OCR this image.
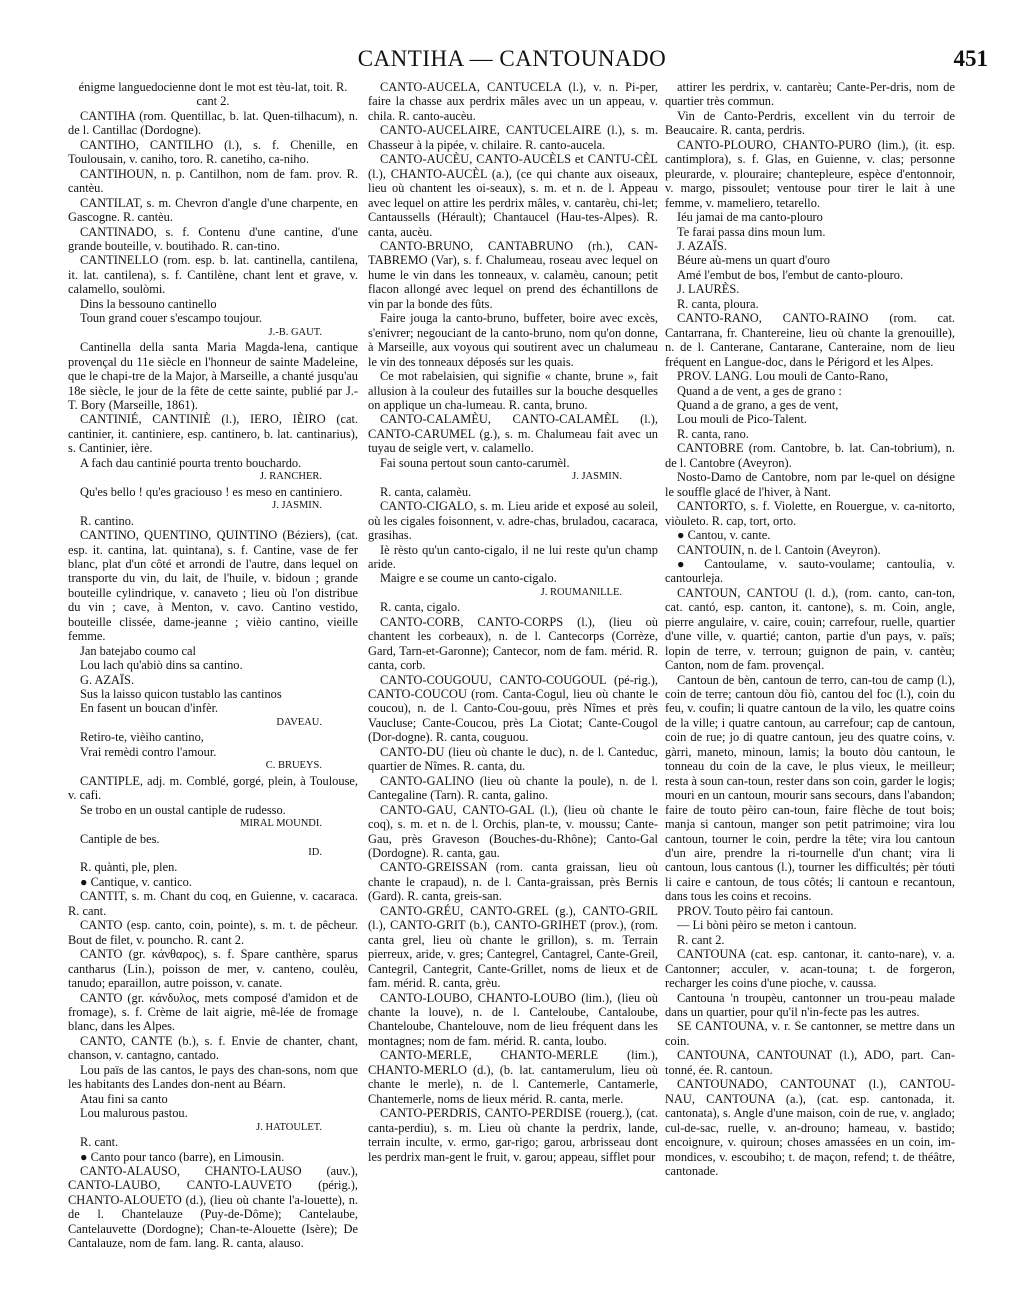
CANTIHA — CANTOUNADO	451

énigme languedocienne dont le mot est tèu-lat, toit. R. cant 2.

CANTIHA (rom. Quentillac, b. lat. Quen-tilhacum), n. de l. Cantillac (Dordogne).

CANTIHO, CANTILHO (l.), s. f. Chenille, en Toulousain, v. caniho, toro. R. canetiho, ca-niho.

CANTIHOUN, n. p. Cantilhon, nom de fam. prov. R. cantèu.

CANTILAT, s. m. Chevron d'angle d'une charpente, en Gascogne. R. cantèu.

CANTINADO, s. f. Contenu d'une cantine, d'une grande bouteille, v. boutihado. R. can-tino.

CANTINELLO (rom. esp. b. lat. cantinella, cantilena, it. lat. cantilena), s. f. Cantilène, chant lent et grave, v. calamello, soulòmi.

Dins la bessouno cantinello

Toun grand couer s'escampo toujour.

J.-B. GAUT.

Cantinella della santa Maria Magda-lena, cantique provençal du 11e siècle en l'honneur de sainte Madeleine, que le chapi-tre de la Major, à Marseille, a chanté jusqu'au 18e siècle, le jour de la fête de cette sainte, publié par J.-T. Bory (Marseille, 1861).

CANTINIÉ, CANTINIÈ (l.), IERO, IÈIRO (cat. cantinier, it. cantiniere, esp. cantinero, b. lat. cantinarius), s. Cantinier, ière.

A fach dau cantinié pourta trento bouchardo.

J. RANCHER.

Qu'es bello ! qu'es graciouso ! es meso en cantiniero.

J. JASMIN.

R. cantino.

CANTINO, QUENTINO, QUINTINO (Béziers), (cat. esp. it. cantina, lat. quintana), s. f. Cantine, vase de fer blanc, plat d'un côté et arrondi de l'autre, dans lequel on transporte du vin, du lait, de l'huile, v. bidoun ; grande bouteille cylindrique, v. canaveto ; lieu où l'on distribue du vin ; cave, à Menton, v. cavo. Cantino vestido, bouteille clissée, dame-jeanne ; vièio cantino, vieille femme.

Jan batejabo coumo cal

Lou lach qu'abiò dins sa cantino.

G. AZAÏS.

Sus la laisso quicon tustablo las cantinos

En fasent un boucan d'infèr.

DAVEAU.

Retiro-te, vièiho cantino,

Vrai remèdi contro l'amour.

C. BRUEYS.

CANTIPLE, adj. m. Comblé, gorgé, plein, à Toulouse, v. cafi.

Se trobo en un oustal cantiple de rudesso.

MIRAL MOUNDI.

Cantiple de bes.

ID.

R. quànti, ple, plen.

● Cantique, v. cantico.

CANTIT, s. m. Chant du coq, en Guienne, v. cacaraca. R. cant.

CANTO (esp. canto, coin, pointe), s. m. t. de pêcheur. Bout de filet, v. pouncho. R. cant 2.

CANTO (gr. κάνθαρος), s. f. Spare canthère, sparus cantharus (Lin.), poisson de mer, v. canteno, coulèu, tanudo; eparaillon, autre poisson, v. canate.

CANTO (gr. κάνδυλος, mets composé d'amidon et de fromage), s. f. Crème de lait aigrie, mê-lée de fromage blanc, dans les Alpes.

CANTO, CANTE (b.), s. f. Envie de chanter, chant, chanson, v. cantagno, cantado.

Lou païs de las cantos, le pays des chan-sons, nom que les habitants des Landes don-nent au Béarn.

Atau fini sa canto

Lou malurous pastou.

J. HATOULET.

R. cant.

● Canto pour tanco (barre), en Limousin.

CANTO-ALAUSO, CHANTO-LAUSO (auv.), CANTO-LAUBO, CANTO-LAUVETO (périg.), CHANTO-ALOUETO (d.), (lieu où chante l'a-louette), n. de l. Chantelauze (Puy-de-Dôme); Cantelaube, Cantelauvette (Dordogne); Chan-te-Alouette (Isère); De Cantalauze, nom de fam. lang. R. canta, alauso.

CANTO-AUCELA, CANTUCELA (l.), v. n. Pi-per, faire la chasse aux perdrix mâles avec un un appeau, v. chila. R. canto-aucèu.

CANTO-AUCELAIRE, CANTUCELAIRE (l.), s. m. Chasseur à la pipée, v. chilaire. R. canto-aucela.

CANTO-AUCÈU, CANTO-AUCÈLS et CANTU-CÈL (l.), CHANTO-AUCÈL (a.), (ce qui chante aux oiseaux, lieu où chantent les oi-seaux), s. m. et n. de l. Appeau avec lequel on attire les perdrix mâles, v. cantarèu, chi-let; Cantaussells (Hérault); Chantaucel (Hau-tes-Alpes). R. canta, aucèu.

CANTO-BRUNO, CANTABRUNO (rh.), CAN-TABREMO (Var), s. f. Chalumeau, roseau avec lequel on hume le vin dans les tonneaux, v. calamèu, canoun; petit flacon allongé avec lequel on prend des échantillons de vin par la bonde des fûts.

Faire jouga la canto-bruno, buffeter, boire avec excès, s'enivrer; negouciant de la canto-bruno, nom qu'on donne, à Marseille, aux voyous qui soutirent avec un chalumeau le vin des tonneaux déposés sur les quais.

Ce mot rabelaisien, qui signifie « chante, brune », fait allusion à la couleur des futailles sur la bouche desquelles on applique un cha-lumeau. R. canta, bruno.

CANTO-CALAMÈU, CANTO-CALAMÈL (l.), CANTO-CARUMEL (g.), s. m. Chalumeau fait avec un tuyau de seigle vert, v. calamello.

Fai souna pertout soun canto-carumèl.

J. JASMIN.

R. canta, calamèu.

CANTO-CIGALO, s. m. Lieu aride et exposé au soleil, où les cigales foisonnent, v. adre-chas, bruladou, cacaraca, grasihas.

Iè rèsto qu'un canto-cigalo, il ne lui reste qu'un champ aride.

Maigre e se coume un canto-cigalo.

J. ROUMANILLE.

R. canta, cigalo.

CANTO-CORB, CANTO-CORPS (l.), (lieu où chantent les corbeaux), n. de l. Cantecorps (Corrèze, Gard, Tarn-et-Garonne); Cantecor, nom de fam. mérid. R. canta, corb.

CANTO-COUGOUU, CANTO-COUGOUL (pé-rig.), CANTO-COUCOU (rom. Canta-Cogul, lieu où chante le coucou), n. de l. Canto-Cou-gouu, près Nîmes et près Vaucluse; Cante-Coucou, près La Ciotat; Cante-Cougol (Dor-dogne). R. canta, couguou.

CANTO-DU (lieu où chante le duc), n. de l. Canteduc, quartier de Nîmes. R. canta, du.

CANTO-GALINO (lieu où chante la poule), n. de l. Cantegaline (Tarn). R. canta, galino.

CANTO-GAU, CANTO-GAL (l.), (lieu où chante le coq), s. m. et n. de l. Orchis, plan-te, v. moussu; Cante-Gau, près Graveson (Bouches-du-Rhône); Canto-Gal (Dordogne). R. canta, gau.

CANTO-GREISSAN (rom. canta graissan, lieu où chante le crapaud), n. de l. Canta-graissan, près Bernis (Gard). R. canta, greis-san.

CANTO-GRÉU, CANTO-GREL (g.), CANTO-GRIL (l.), CANTO-GRIT (b.), CANTO-GRIHET (prov.), (rom. canta grel, lieu où chante le grillon), s. m. Terrain pierreux, aride, v. gres; Cantegrel, Cantagrel, Cante-Greil, Cantegril, Cantegrit, Cante-Grillet, noms de lieux et de fam. mérid. R. canta, grèu.

CANTO-LOUBO, CHANTO-LOUBO (lim.), (lieu où chante la louve), n. de l. Canteloube, Cantaloube, Chanteloube, Chantelouve, nom de lieu fréquent dans les montagnes; nom de fam. mérid. R. canta, loubo.

CANTO-MERLE, CHANTO-MERLE (lim.), CHANTO-MERLO (d.), (b. lat. cantamerulum, lieu où chante le merle), n. de l. Cantemerle, Cantamerle, Chantemerle, noms de lieux mérid. R. canta, merle.

CANTO-PERDRIS, CANTO-PERDISE (rouerg.), (cat. canta-perdiu), s. m. Lieu où chante la perdrix, lande, terrain inculte, v. ermo, gar-rigo; garou, arbrisseau dont les perdrix man-gent le fruit, v. garou; appeau, sifflet pour

attirer les perdrix, v. cantarèu; Cante-Per-dris, nom de quartier très commun.

Vin de Canto-Perdris, excellent vin du terroir de Beaucaire. R. canta, perdris.

CANTO-PLOURO, CHANTO-PURO (lim.), (it. esp. cantimplora), s. f. Glas, en Guienne, v. clas; personne pleurarde, v. plouraire; chantepleure, espèce d'entonnoir, v. margo, pissoulet; ventouse pour tirer le lait à une femme, v. mameliero, tetarello.

Iéu jamai de ma canto-plouro

Te farai passa dins moun lum.

J. AZAÏS.

Béure aù-mens un quart d'ouro

Amé l'embut de bos, l'embut de canto-plouro.

J. LAURÈS.

R. canta, ploura.

CANTO-RANO, CANTO-RAINO (rom. cat. Cantarrana, fr. Chantereine, lieu où chante la grenouille), n. de l. Canterane, Cantarane, Canteraine, nom de lieu fréquent en Langue-doc, dans le Périgord et les Alpes.

PROV. LANG. Lou mouli de Canto-Rano,

Quand a de vent, a ges de grano :

Quand a de grano, a ges de vent,

Lou mouli de Pico-Talent.

R. canta, rano.

CANTOBRE (rom. Cantobre, b. lat. Can-tobrium), n. de l. Cantobre (Aveyron).

Nosto-Damo de Cantobre, nom par le-quel on désigne le souffle glacé de l'hiver, à Nant.

CANTORTO, s. f. Violette, en Rouergue, v. ca-nitorto, viòuleto. R. cap, tort, orto.

● Cantou, v. cante.

CANTOUIN, n. de l. Cantoin (Aveyron).

● Cantoulame, v. sauto-voulame; cantoulia, v. cantourleja.

CANTOUN, CANTOU (l. d.), (rom. canto, can-ton, cat. cantó, esp. canton, it. cantone), s. m. Coin, angle, pierre angulaire, v. caire, couin; carrefour, ruelle, quartier d'une ville, v. quartié; canton, partie d'un pays, v. païs; lopin de terre, v. terroun; guignon de pain, v. cantèu; Canton, nom de fam. provençal.

Cantoun de bèn, cantoun de terro, can-tou de camp (l.), coin de terre; cantoun dòu fiò, cantou del foc (l.), coin du feu, v. coufin; li quatre cantoun de la vilo, les quatre coins de la ville; i quatre cantoun, au carrefour; cap de cantoun, coin de rue; jo di quatre cantoun, jeu des quatre coins, v. gàrri, maneto, minoun, lamis; la bouto dòu cantoun, le tonneau du coin de la cave, le plus vieux, le meilleur; resta à soun can-toun, rester dans son coin, garder le logis; mouri en un cantoun, mourir sans secours, dans l'abandon; faire de touto pèiro can-toun, faire flèche de tout bois; manja si cantoun, manger son petit patrimoine; vira lou cantoun, tourner le coin, perdre la tête; vira lou cantoun d'un aire, prendre la ri-tournelle d'un chant; vira li cantoun, lous cantous (l.), tourner les difficultés; pèr tóuti li caire e cantoun, de tous côtés; li cantoun e recantoun, dans tous les coins et recoins.

PROV. Touto pèiro fai cantoun.

— Li bòni pèiro se meton i cantoun.

R. cant 2.

CANTOUNA (cat. esp. cantonar, it. canto-nare), v. a. Cantonner; acculer, v. acan-touna; t. de forgeron, recharger les coins d'une pioche, v. caussa.

Cantouna 'n troupèu, cantonner un trou-peau malade dans un quartier, pour qu'il n'in-fecte pas les autres.

SE CANTOUNA, v. r. Se cantonner, se mettre dans un coin.

CANTOUNA, CANTOUNAT (l.), ADO, part. Can-tonné, ée. R. cantoun.

CANTOUNADO, CANTOUNAT (l.), CANTOU-NAU, CANTOUNA (a.), (cat. esp. cantonada, it. cantonata), s. Angle d'une maison, coin de rue, v. anglado; cul-de-sac, ruelle, v. an-drouno; hameau, v. bastido; encoignure, v. quiroun; choses amassées en un coin, im-mondices, v. escoubiho; t. de maçon, refend; t. de théâtre, cantonade.
